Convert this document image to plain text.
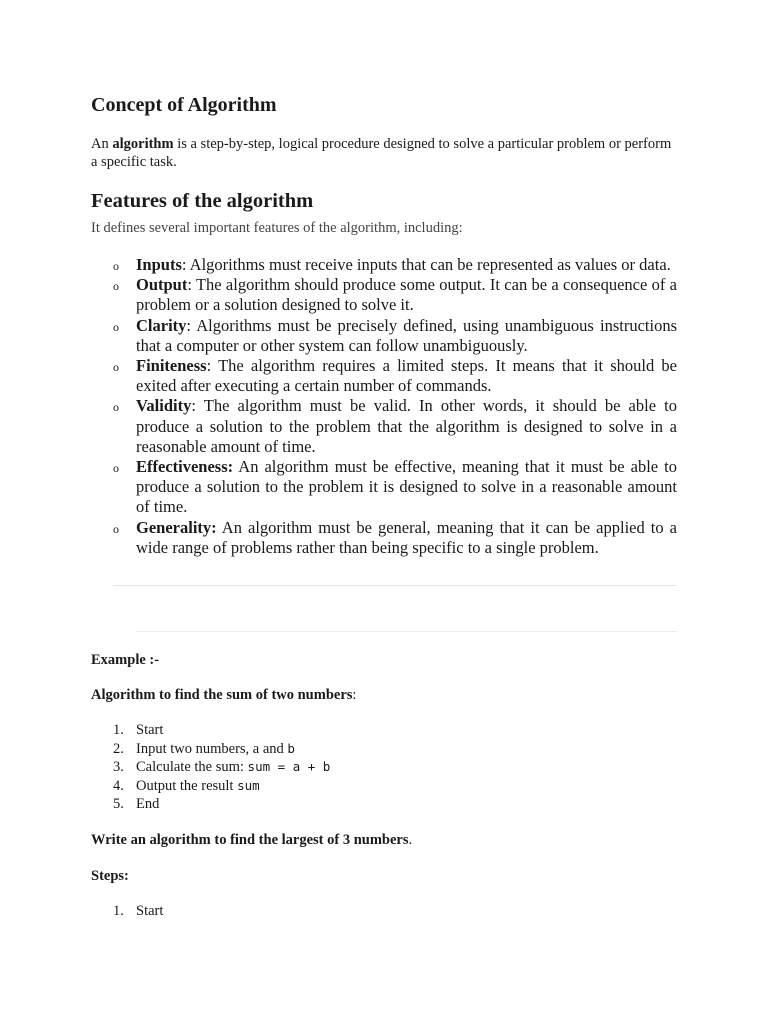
Concept of Algorithm

An algorithm is a step-by-step, logical procedure designed to solve a particular problem or perform a specific task.

Features of the algorithm

It defines several important features of the algorithm, including:

o Inputs: Algorithms must receive inputs that can be represented as values or data.
o Output: The algorithm should produce some output. It can be a consequence of a problem or a solution designed to solve it.
o Clarity: Algorithms must be precisely defined, using unambiguous instructions that a computer or other system can follow unambiguously.
o Finiteness: The algorithm requires a limited steps. It means that it should be exited after executing a certain number of commands.
o Validity: The algorithm must be valid. In other words, it should be able to produce a solution to the problem that the algorithm is designed to solve in a reasonable amount of time.
o Effectiveness: An algorithm must be effective, meaning that it must be able to produce a solution to the problem it is designed to solve in a reasonable amount of time.
o Generality: An algorithm must be general, meaning that it can be applied to a wide range of problems rather than being specific to a single problem.

Example :-

Algorithm to find the sum of two numbers:

1. Start
2. Input two numbers, a and b
3. Calculate the sum: sum = a + b
4. Output the result sum
5. End

Write an algorithm to find the largest of 3 numbers.

Steps:

1. Start
